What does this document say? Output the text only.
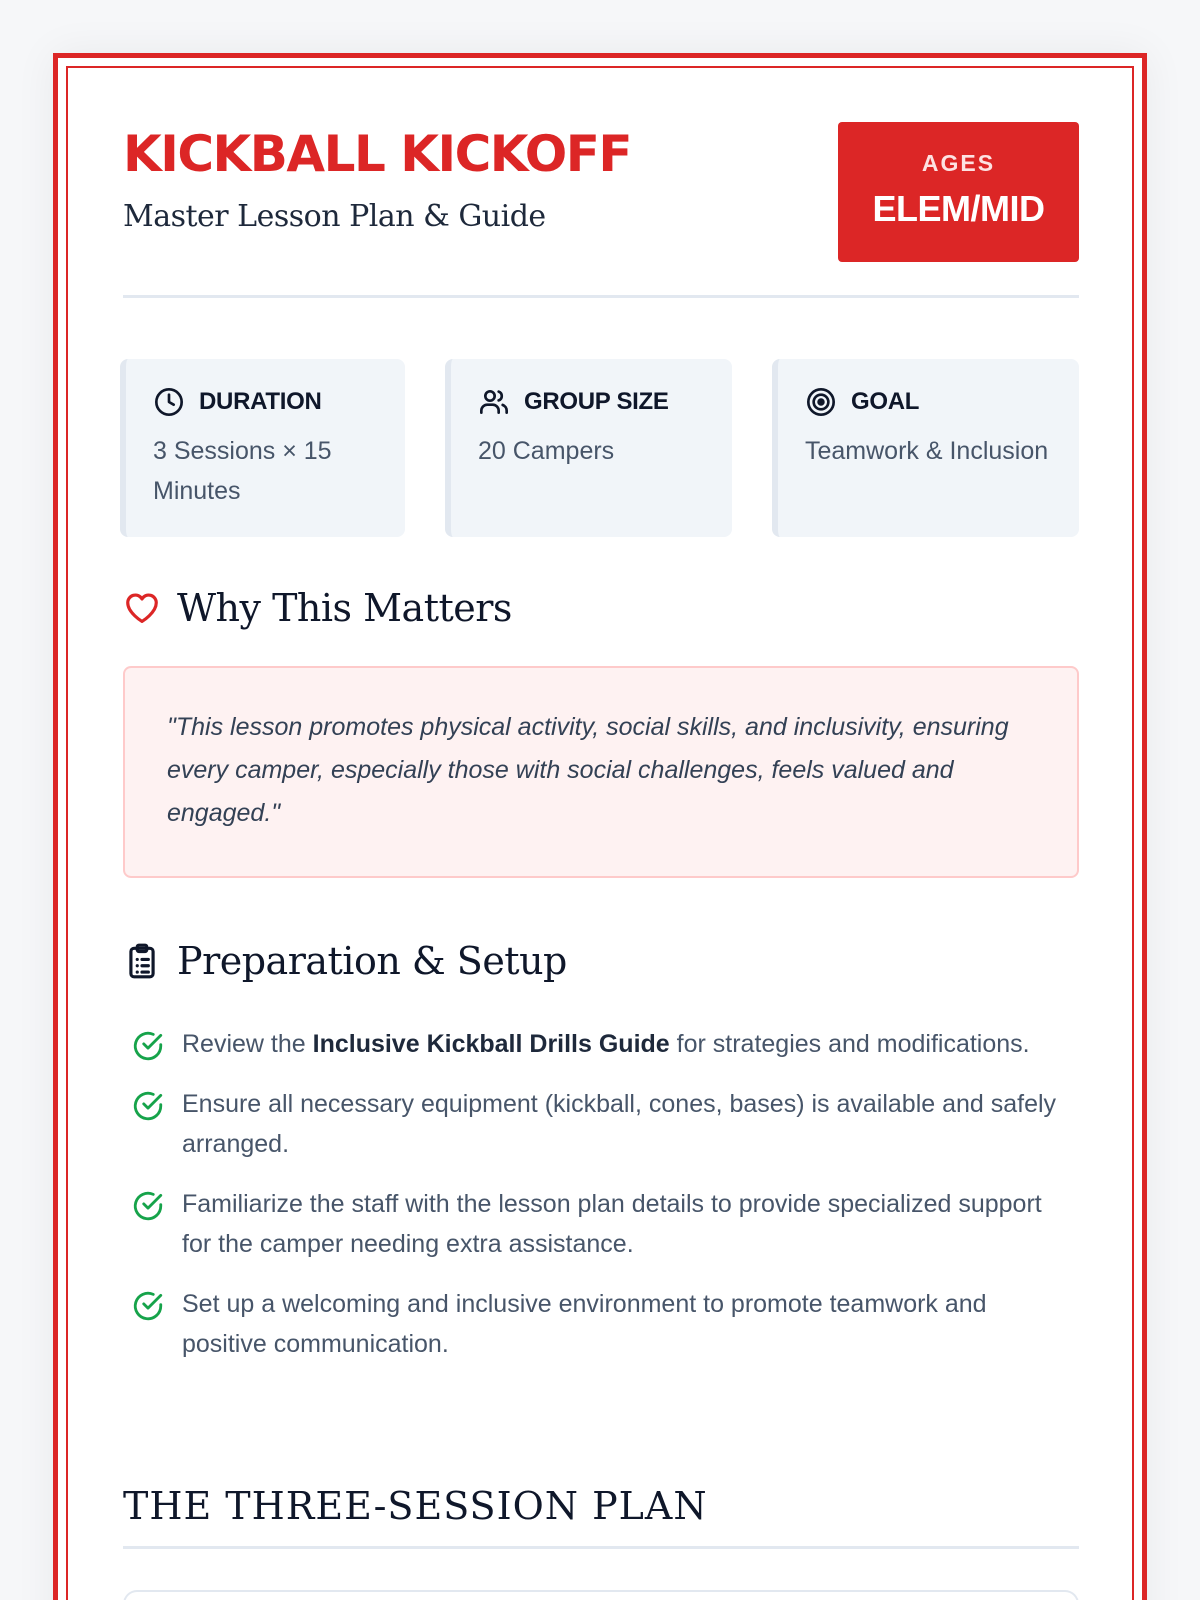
KICKBALL KICKOFF
Master Lesson Plan & Guide
AGES
ELEM/MID
DURATION
3 Sessions × 15 Minutes
GROUP SIZE
20 Campers
GOAL
Teamwork & Inclusion
Why This Matters
"This lesson promotes physical activity, social skills, and inclusivity, ensuring every camper, especially those with social challenges, feels valued and engaged."
Preparation & Setup
Review the Inclusive Kickball Drills Guide for strategies and modifications.
Ensure all necessary equipment (kickball, cones, bases) is available and safely arranged.
Familiarize the staff with the lesson plan details to provide specialized support for the camper needing extra assistance.
Set up a welcoming and inclusive environment to promote teamwork and positive communication.
THE THREE-SESSION PLAN
